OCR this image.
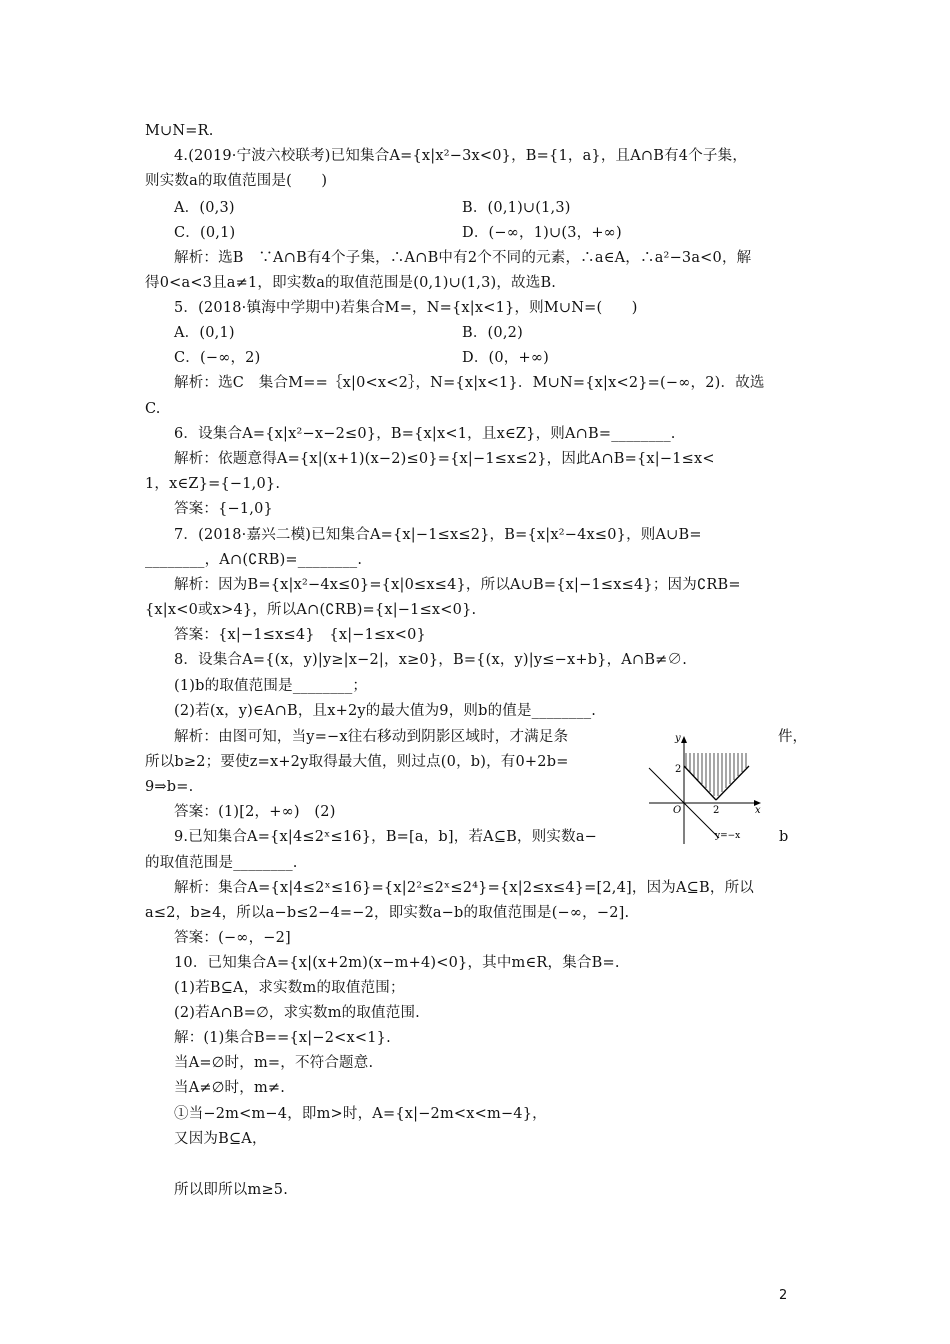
M∪N=R.
4.(2019·宁波六校联考)已知集合A={x|x²−3x<0}，B={1，a}，且A∩B有4个子集，
则实数a的取值范围是(　　)
A．(0,3)	B．(0,1)∪(1,3)
C．(0,1)	D．(−∞，1)∪(3，+∞)
解析：选B　∵A∩B有4个子集，∴A∩B中有2个不同的元素，∴a∈A，∴a²−3a<0，解
得0<a<3且a≠1，即实数a的取值范围是(0,1)∪(1,3)，故选B.
5．(2018·镇海中学期中)若集合M=，N={x|x<1}，则M∪N=(　　)
A．(0,1)	B．(0,2)
C．(−∞，2)	D．(0，+∞)
解析：选C　集合M==｛x|0<x<2｝，N={x|x<1}．M∪N={x|x<2}=(−∞，2)．故选
C.
6．设集合A={x|x²−x−2≤0}，B={x|x<1，且x∈Z}，则A∩B=________.
解析：依题意得A={x|(x+1)(x−2)≤0}={x|−1≤x≤2}，因此A∩B={x|−1≤x<
1，x∈Z}={−1,0}.
答案：{−1,0}
7．(2018·嘉兴二模)已知集合A={x|−1≤x≤2}，B={x|x²−4x≤0}，则A∪B=
________，A∩(∁RB)=________.
解析：因为B={x|x²−4x≤0}={x|0≤x≤4}，所以A∪B={x|−1≤x≤4}；因为∁RB=
{x|x<0或x>4}，所以A∩(∁RB)={x|−1≤x<0}.
答案：{x|−1≤x≤4}　{x|−1≤x<0}
8．设集合A={(x，y)|y≥|x−2|，x≥0}，B={(x，y)|y≤−x+b}，A∩B≠∅.
(1)b的取值范围是________；
(2)若(x，y)∈A∩B，且x+2y的最大值为9，则b的值是________.
解析：由图可知，当y=−x往右移动到阴影区域时，才满足条
所以b≥2；要使z=x+2y取得最大值，则过点(0，b)，有0+2b=
9⇒b=.
答案：(1)[2，+∞)　(2)
9.已知集合A={x|4≤2ˣ≤16}，B=[a，b]，若A⊆B，则实数a−
的取值范围是________.
解析：集合A={x|4≤2ˣ≤16}={x|2²≤2ˣ≤2⁴}={x|2≤x≤4}=[2,4]，因为A⊆B，所以
a≤2，b≥4，所以a−b≤2−4=−2，即实数a−b的取值范围是(−∞，−2].
答案：(−∞，−2]
10．已知集合A={x|(x+2m)(x−m+4)<0}，其中m∈R，集合B=.
(1)若B⊆A，求实数m的取值范围；
(2)若A∩B=∅，求实数m的取值范围.
解：(1)集合B=={x|−2<x<1}.
当A=∅时，m=，不符合题意.
当A≠∅时，m≠.
①当−2m<m−4，即m>时，A={x|−2m<x<m−4}，
又因为B⊆A，
所以即所以m≥5.
件，
b
y
x
O
2
2
y=−x
2
